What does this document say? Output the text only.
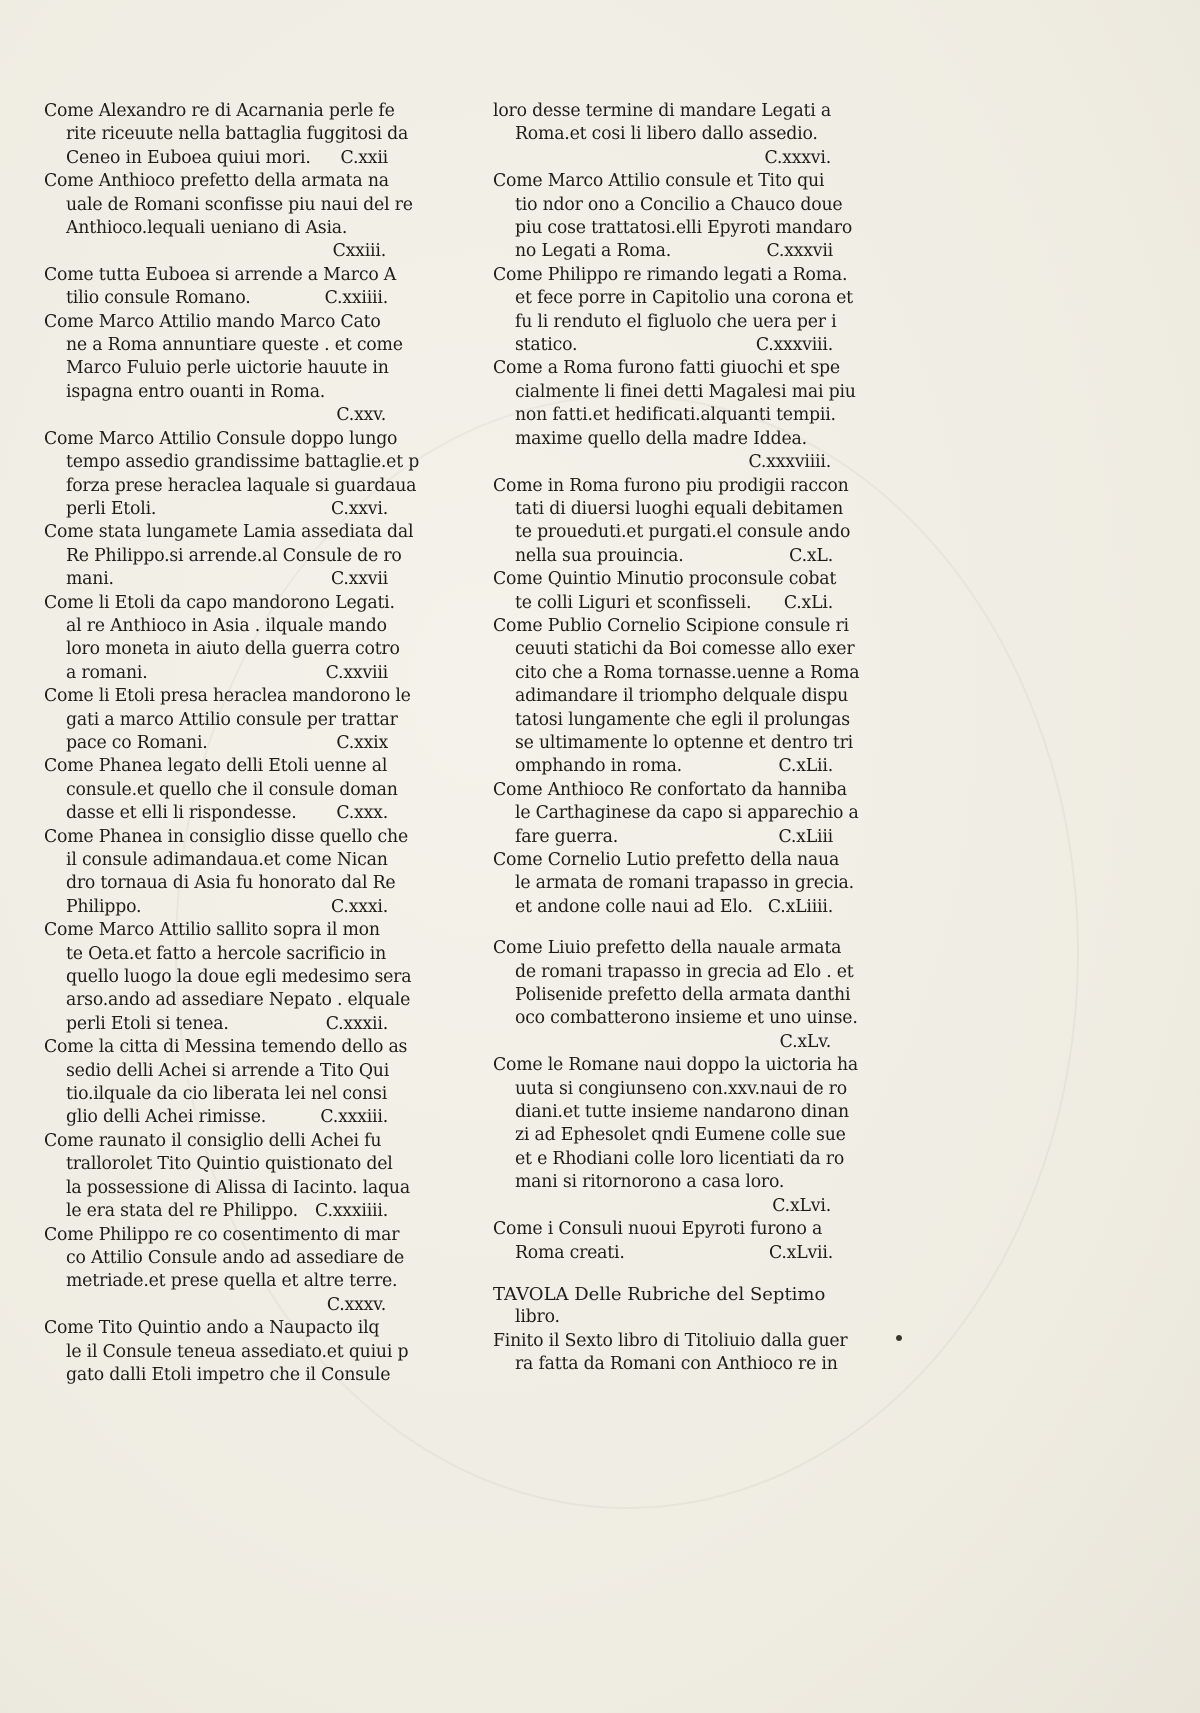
Come Alexandro re di Acarnania perle fe
rite riceuute nella battaglia fuggitosi da
Ceneo in Euboea quiui mori. C.xxii
Come Anthioco prefetto della armata na
uale de Romani sconfisse piu naui del re
Anthioco.lequali ueniano di Asia.
Cxxiii.
Come tutta Euboea si arrende a Marco A
tilio consule Romano.	C.xxiiii.
Come Marco Attilio mando Marco Cato
ne a Roma annuntiare queste . et come
Marco Fuluio perle uictorie hauute in
ispagna entro ouanti in Roma.
C.xxv.
Come Marco Attilio Consule doppo lungo
tempo assedio grandissime battaglie.et p
forza prese heraclea laquale si guardaua
perli Etoli.	C.xxvi.
Come stata lungamete Lamia assediata dal
Re Philippo.si arrende.al Consule de ro
mani.	C.xxvii
Come li Etoli da capo mandorono Legati.
al re Anthioco in Asia . ilquale mando
loro moneta in aiuto della guerra cotro
a romani.	C.xxviii
Come li Etoli presa heraclea mandorono le
gati a marco Attilio consule per trattar
pace co Romani.	C.xxix
Come Phanea legato delli Etoli uenne al
consule.et quello che il consule doman
dasse et elli li rispondesse. C.xxx.
Come Phanea in consiglio disse quello che
il consule adimandaua.et come Nican
dro tornaua di Asia fu honorato dal Re
Philippo.	C.xxxi.
Come Marco Attilio sallito sopra il mon
te Oeta.et fatto a hercole sacrificio in
quello luogo la doue egli medesimo sera
arso.ando ad assediare Nepato . elquale
perli Etoli si tenea.	C.xxxii.
Come la citta di Messina temendo dello as
sedio delli Achei si arrende a Tito Qui
tio.ilquale da cio liberata lei nel consi
glio delli Achei rimisse.	C.xxxiii.
Come raunato il consiglio delli Achei fu
trallorolet Tito Quintio quistionato del
la possessione di Alissa di Iacinto. laqua
le era stata del re Philippo. C.xxxiiii.
Come Philippo re co cosentimento di mar
co Attilio Consule ando ad assediare de
metriade.et prese quella et altre terre.
C.xxxv.
Come Tito Quintio ando a Naupacto ilq
le il Consule teneua assediato.et quiui p
gato dalli Etoli impetro che il Consule
loro desse termine di mandare Legati a
Roma.et cosi li libero dallo assedio.
C.xxxvi.
Come Marco Attilio consule et Tito qui
tio ndor ono a Concilio a Chauco doue
piu cose trattatosi.elli Epyroti mandaro
no Legati a Roma.	C.xxxvii
Come Philippo re rimando legati a Roma.
et fece porre in Capitolio una corona et
fu li renduto el figluolo che uera per i
statico.	C.xxxviii.
Come a Roma furono fatti giuochi et spe
cialmente li finei detti Magalesi mai piu
non fatti.et hedificati.alquanti tempii.
maxime quello della madre Iddea.
C.xxxviiii.
Come in Roma furono piu prodigii raccon
tati di diuersi luoghi equali debitamen
te proueduti.et purgati.el consule ando
nella sua prouincia.	C.xL.
Come Quintio Minutio proconsule cobat
te colli Liguri et sconfisseli. C.xLi.
Come Publio Cornelio Scipione consule ri
ceuuti statichi da Boi comesse allo exer
cito che a Roma tornasse.uenne a Roma
adimandare il triompho delquale dispu
tatosi lungamente che egli il prolungas
se ultimamente lo optenne et dentro tri
omphando in roma.	C.xLii.
Come Anthioco Re confortato da hanniba
le Carthaginese da capo si apparechio a
fare guerra.	C.xLiii
Come Cornelio Lutio prefetto della naua
le armata de romani trapasso in grecia.
et andone colle naui ad Elo. C.xLiiii.
Come Liuio prefetto della nauale armata
de romani trapasso in grecia ad Elo . et
Polisenide prefetto della armata danthi
oco combatterono insieme et uno uinse.
C.xLv.
Come le Romane naui doppo la uictoria ha
uuta si congiunseno con.xxv.naui de ro
diani.et tutte insieme nandarono dinan
zi ad Ephesolet qndi Eumene colle sue
et e Rhodiani colle loro licentiati da ro
mani si ritornorono a casa loro.
C.xLvi.
Come i Consuli nuoui Epyroti furono a
Roma creati.	C.xLvii.
TAVOLA Delle Rubriche del Septimo
libro.
Finito il Sexto libro di Titoliuio dalla guer
ra fatta da Romani con Anthioco re in
